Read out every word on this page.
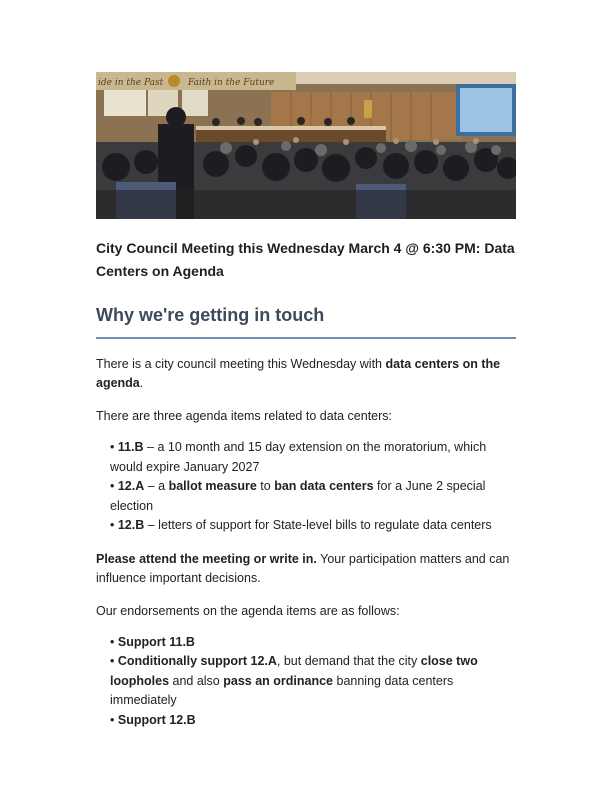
ide in the Past	Faith in the Future
City Council Meeting this Wednesday March 4 @ 6:30 PM: Data Centers on Agenda
Why we're getting in touch

There is a city council meeting this Wednesday with data centers on the agenda.

There are three agenda items related to data centers:

• 11.B – a 10 month and 15 day extension on the moratorium, which would expire January 2027
• 12.A – a ballot measure to ban data centers for a June 2 special election
• 12.B – letters of support for State-level bills to regulate data centers

Please attend the meeting or write in. Your participation matters and can influence important decisions.

Our endorsements on the agenda items are as follows:

• Support 11.B
• Conditionally support 12.A, but demand that the city close two loopholes and also pass an ordinance banning data centers immediately
• Support 12.B
